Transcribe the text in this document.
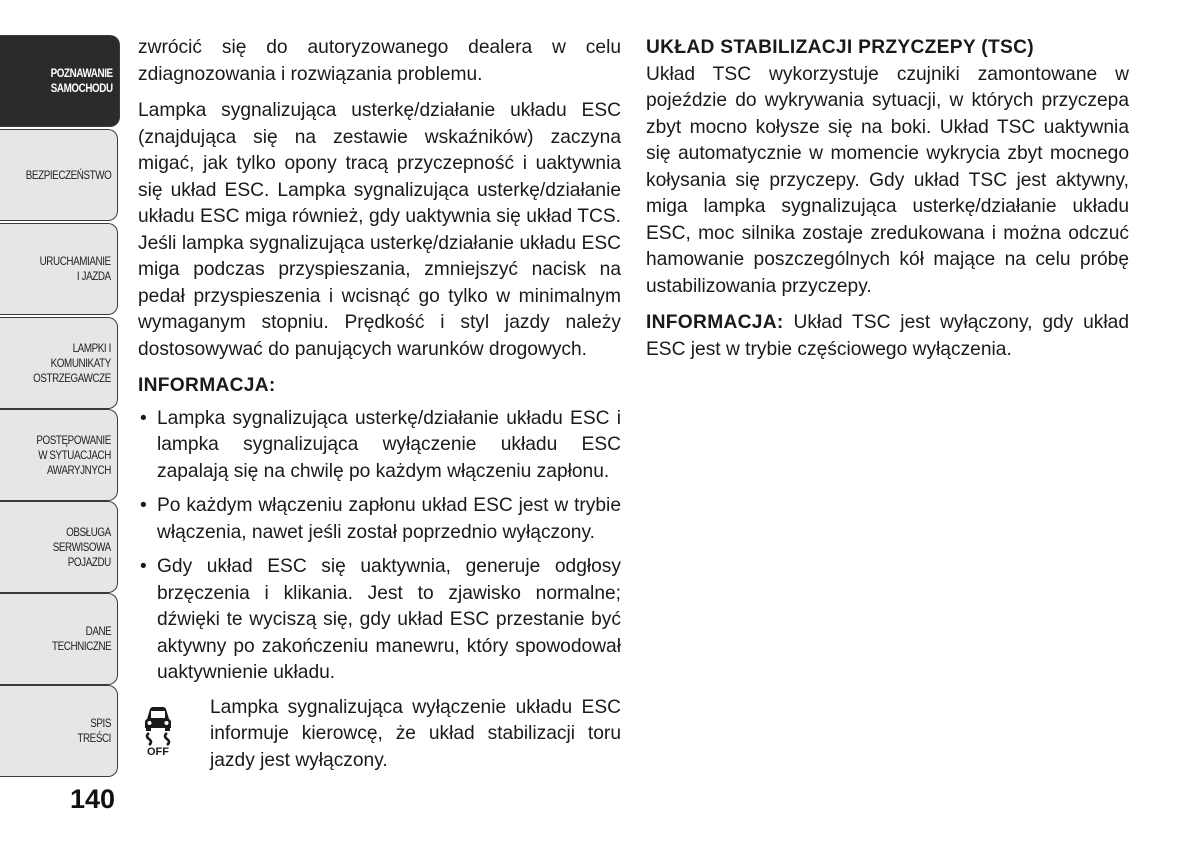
POZNAWANIE
SAMOCHODU
BEZPIECZEŃSTWO
URUCHAMIANIE
I JAZDA
LAMPKI I
KOMUNIKATY
OSTRZEGAWCZE
POSTĘPOWANIE
W SYTUACJACH
AWARYJNYCH
OBSŁUGA
SERWISOWA
POJAZDU
DANE
TECHNICZNE
SPIS
TREŚCI
140

zwrócić się do autoryzowanego dealera w celu zdiagnozowania i rozwiązania problemu.

Lampka sygnalizująca usterkę/działanie układu ESC (znajdująca się na zestawie wskaźników) zaczyna migać, jak tylko opony tracą przyczepność i uaktywnia się układ ESC. Lampka sygnalizująca usterkę/działanie układu ESC miga również, gdy uaktywnia się układ TCS. Jeśli lampka sygnalizująca usterkę/działanie układu ESC miga podczas przyspieszania, zmniejszyć nacisk na pedał przyspieszenia i wcisnąć go tylko w minimalnym wymaganym stopniu. Prędkość i styl jazdy należy dostosowywać do panujących warunków drogowych.

INFORMACJA:

• Lampka sygnalizująca usterkę/działanie układu ESC i lampka sygnalizująca wyłączenie układu ESC zapalają się na chwilę po każdym włączeniu zapłonu.
• Po każdym włączeniu zapłonu układ ESC jest w trybie włączenia, nawet jeśli został poprzednio wyłączony.
• Gdy układ ESC się uaktywnia, generuje odgłosy brzęczenia i klikania. Jest to zjawisko normalne; dźwięki te wyciszą się, gdy układ ESC przestanie być aktywny po zakończeniu manewru, który spowodował uaktywnienie układu.
OFF

Lampka sygnalizująca wyłączenie układu ESC informuje kierowcę, że układ stabilizacji toru jazdy jest wyłączony.

UKŁAD STABILIZACJI PRZYCZEPY (TSC)

Układ TSC wykorzystuje czujniki zamontowane w pojeździe do wykrywania sytuacji, w których przyczepa zbyt mocno kołysze się na boki. Układ TSC uaktywnia się automatycznie w momencie wykrycia zbyt mocnego kołysania się przyczepy. Gdy układ TSC jest aktywny, miga lampka sygnalizująca usterkę/działanie układu ESC, moc silnika zostaje zredukowana i można odczuć hamowanie poszczególnych kół mające na celu próbę ustabilizowania przyczepy.

INFORMACJA: Układ TSC jest wyłączony, gdy układ ESC jest w trybie częściowego wyłączenia.
